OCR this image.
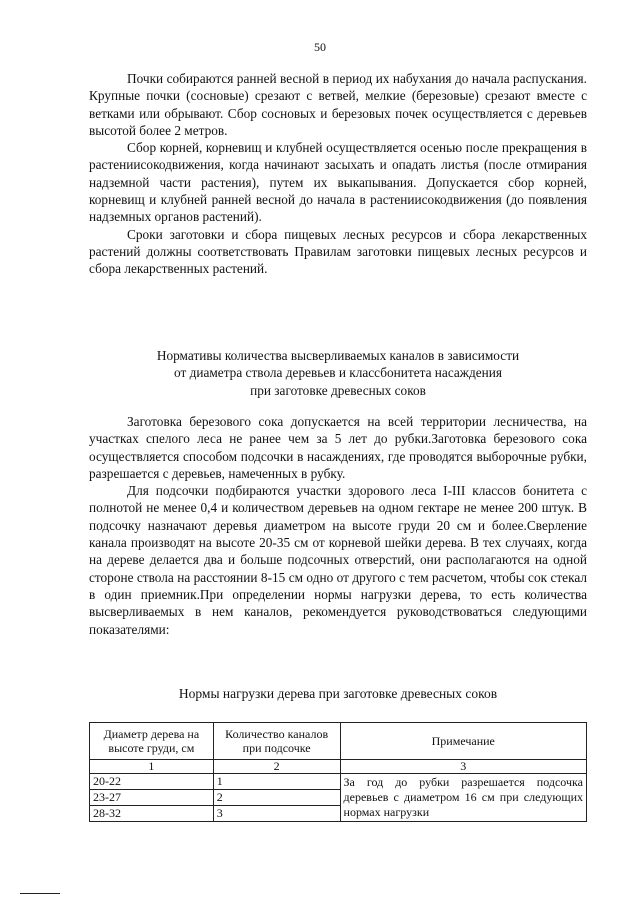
50

Почки собираются ранней весной в период их набухания до начала распускания. Крупные почки (сосновые) срезают с ветвей, мелкие (березовые) срезают вместе с ветками или обрывают. Сбор сосновых и березовых почек осуществляется с деревьев высотой более 2 метров.

Сбор корней, корневищ и клубней осуществляется осенью после прекращения в растениисокодвижения, когда начинают засыхать и опадать листья (после отмирания надземной части растения), путем их выкапывания. Допускается сбор корней, корневищ и клубней ранней весной до начала в растениисокодвижения (до появления надземных органов растений).

Сроки заготовки и сбора пищевых лесных ресурсов и сбора лекарственных растений должны соответствовать Правилам заготовки пищевых лесных ресурсов и сбора лекарственных растений.

Нормативы количества высверливаемых каналов в зависимости
от диаметра ствола деревьев и классбонитета насаждения
при заготовке древесных соков

Заготовка березового сока допускается на всей территории лесничества, на участках спелого леса не ранее чем за 5 лет до рубки.Заготовка березового сока осуществляется способом подсочки в насаждениях, где проводятся выборочные рубки, разрешается с деревьев, намеченных в рубку.

Для подсочки подбираются участки здорового леса I-III классов бонитета с полнотой не менее 0,4 и количеством деревьев на одном гектаре не менее 200 штук. В подсочку назначают деревья диаметром на высоте груди 20 см и более.Сверление канала производят на высоте 20-35 см от корневой шейки дерева. В тех случаях, когда на дереве делается два и больше подсочных отверстий, они располагаются на одной стороне ствола на расстоянии 8-15 см одно от другого с тем расчетом, чтобы сок стекал в один приемник.При определении нормы нагрузки дерева, то есть количества высверливаемых в нем каналов, рекомендуется руководствоваться следующими показателями:

Нормы нагрузки дерева при заготовке древесных соков
Диаметр дерева на высоте груди, см	Количество каналов при подсочке	Примечание
1	2	3
20-22	1	За год до рубки разрешается подсочка деревьев с диаметром 16 см при следующих нормах нагрузки
23-27	2	
28-32	3	
